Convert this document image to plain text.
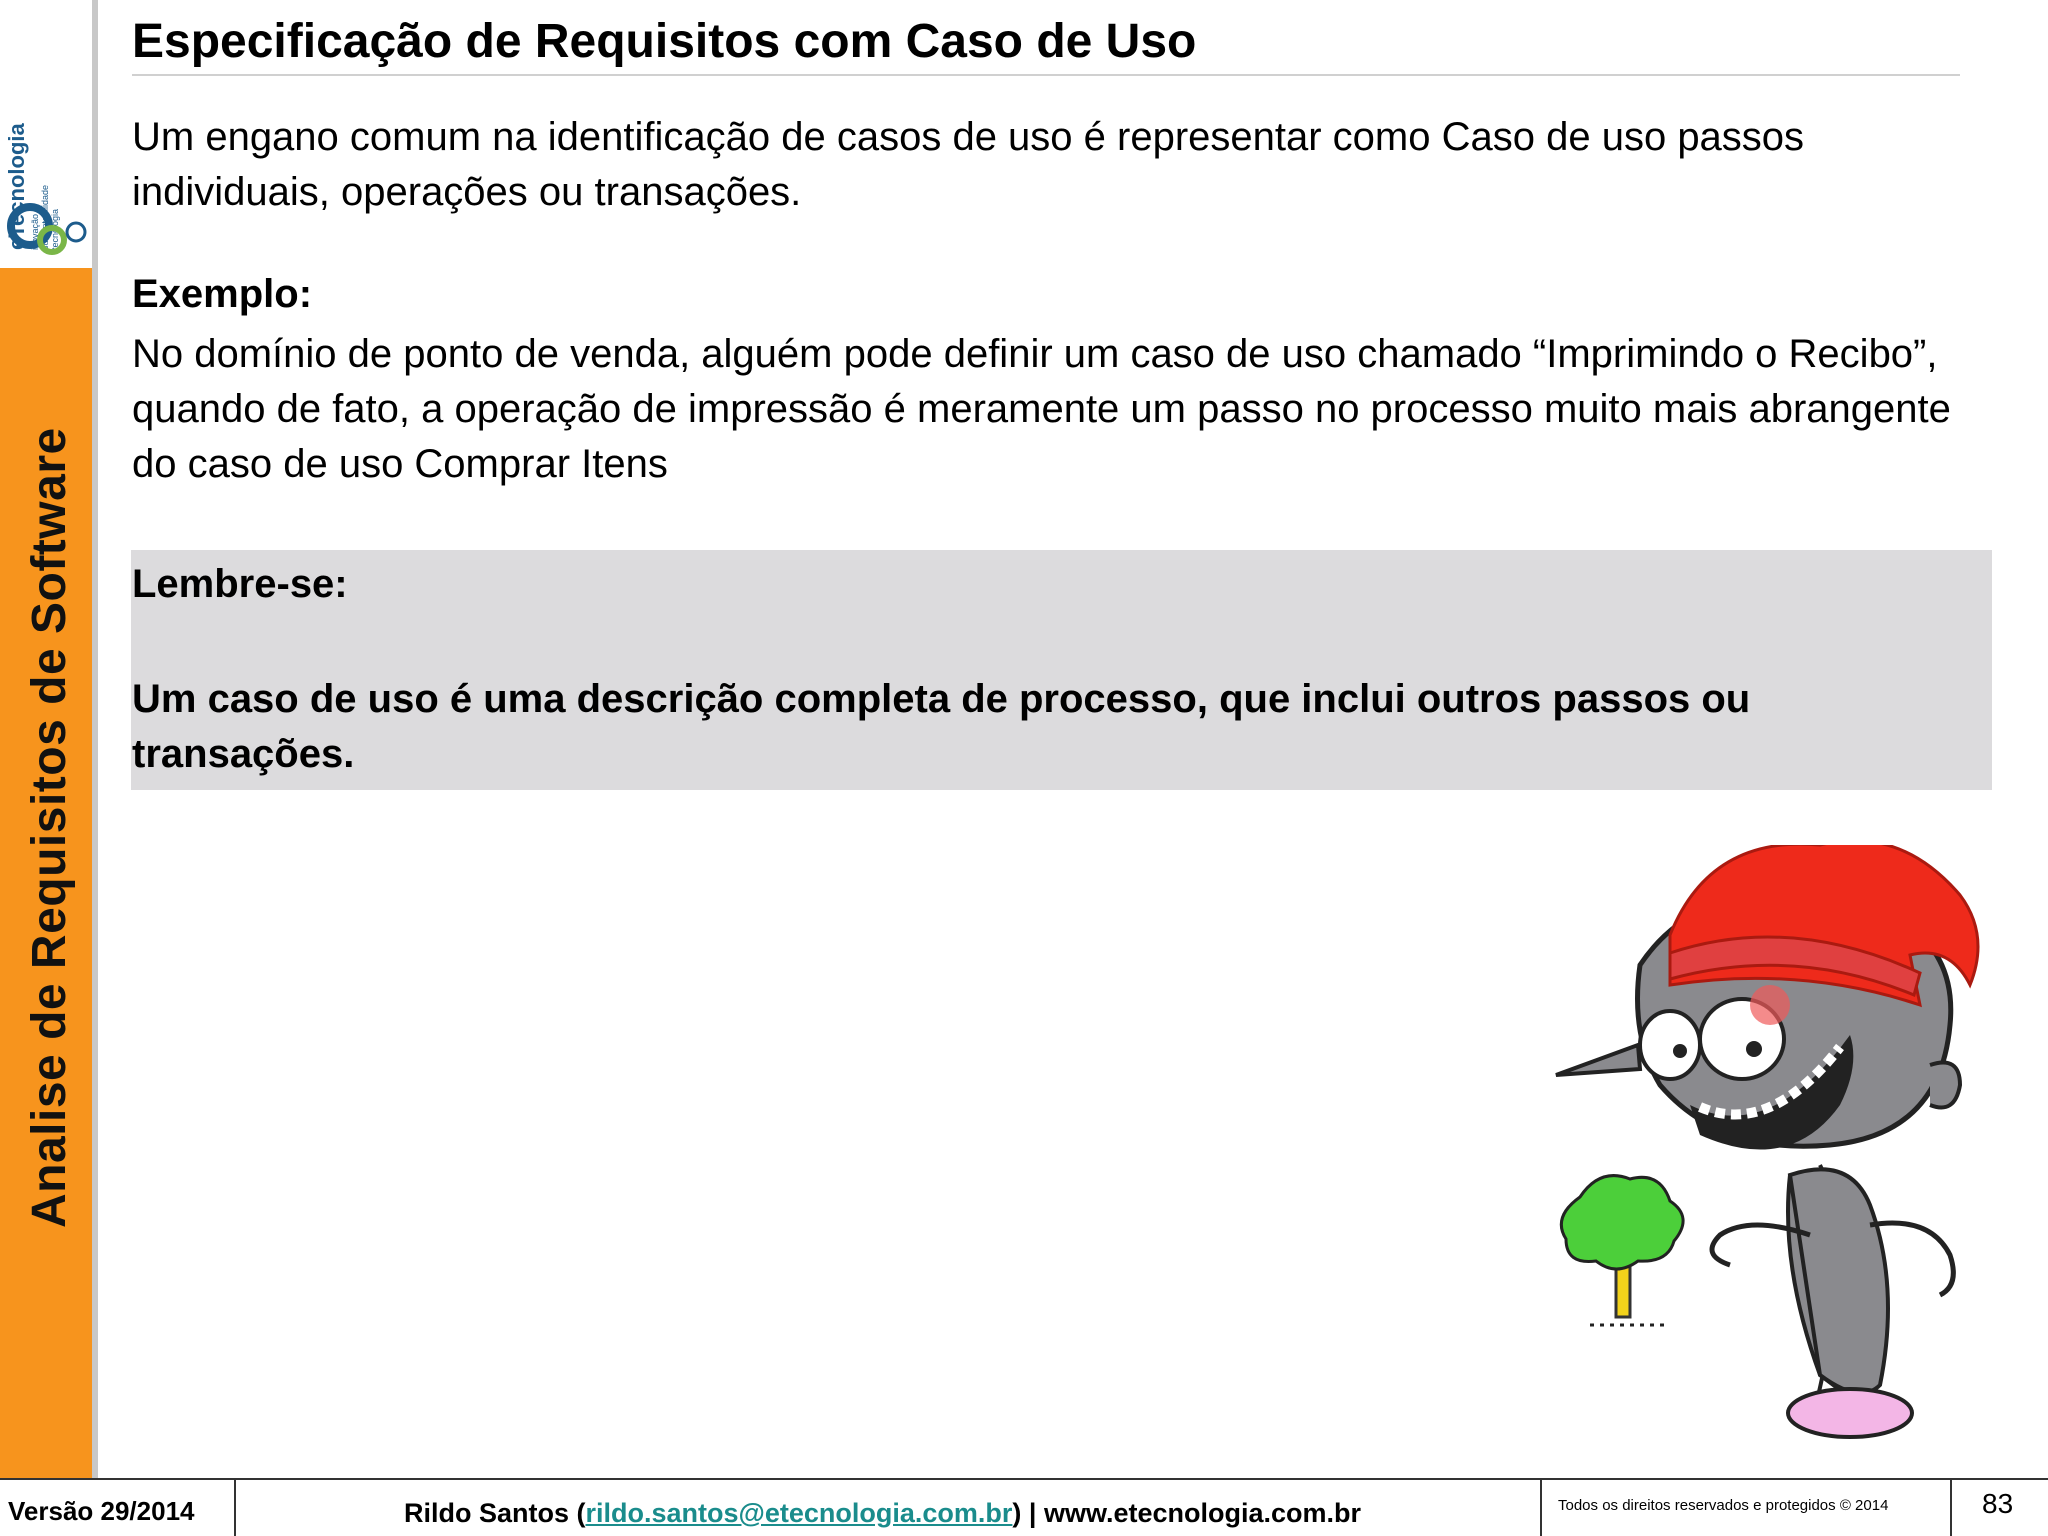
eTecnologia inovação sustentabilidade tecnologia
Analise de Requisitos de Software
Especificação de Requisitos com Caso de Uso
Um engano comum na identificação de casos de uso é representar como Caso de uso passos individuais, operações ou transações.
Exemplo:
No domínio de ponto de venda, alguém pode definir um caso de uso chamado “Imprimindo o Recibo”, quando de fato, a operação de impressão é meramente um passo no processo muito mais abrangente do caso de uso Comprar Itens
Lembre-se:
Um caso de uso é uma descrição completa de processo, que inclui outros passos ou transações.
Versão 29/2014	Rildo Santos (rildo.santos@etecnologia.com.br) | www.etecnologia.com.br	Todos os direitos reservados e protegidos © 2014	83
